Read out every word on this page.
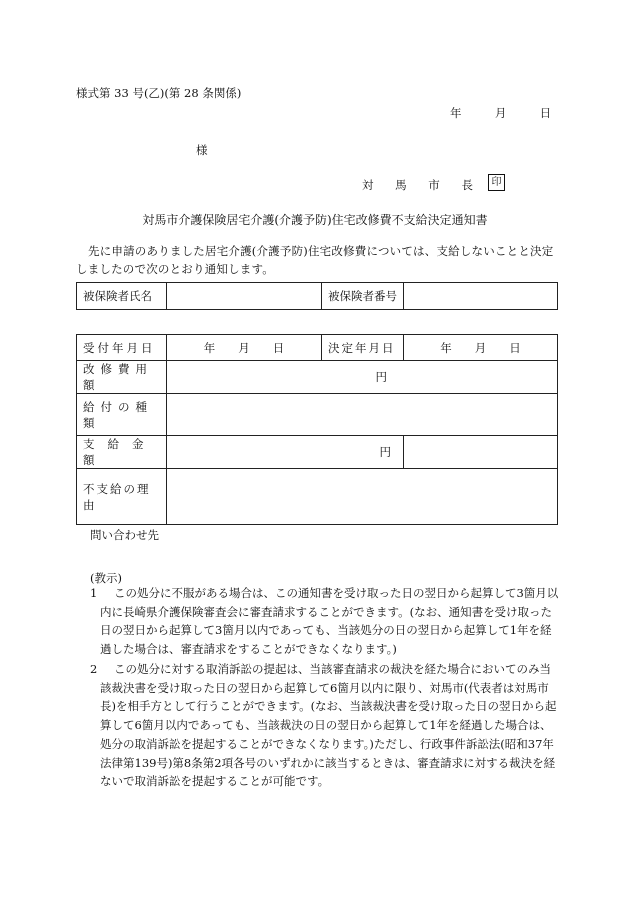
様式第 33 号(乙)(第 28 条関係)
年	月	日
様
対 馬 市 長 印
対馬市介護保険居宅介護(介護予防)住宅改修費不支給決定通知書
先に申請のありました居宅介護(介護予防)住宅改修費については、支給しないことと決定しましたので次のとおり通知します。
被保険者氏名		被保険者番号	
受付年月日	年　　月　　日	決定年月日	年　　月　　日
改修費用額	円		
給付の種類			
支給金額	円		
不支給の理由			
問い合わせ先
(教示)
1	この処分に不服がある場合は、この通知書を受け取った日の翌日から起算して3箇月以内に長崎県介護保険審査会に審査請求することができます。(なお、通知書を受け取った日の翌日から起算して3箇月以内であっても、当該処分の日の翌日から起算して1年を経過した場合は、審査請求をすることができなくなります。)
2	この処分に対する取消訴訟の提起は、当該審査請求の裁決を経た場合においてのみ当該裁決書を受け取った日の翌日から起算して6箇月以内に限り、対馬市(代表者は対馬市長)を相手方として行うことができます。(なお、当該裁決書を受け取った日の翌日から起算して6箇月以内であっても、当該裁決の日の翌日から起算して1年を経過した場合は、処分の取消訴訟を提起することができなくなります。)ただし、行政事件訴訟法(昭和37年法律第139号)第8条第2項各号のいずれかに該当するときは、審査請求に対する裁決を経ないで取消訴訟を提起することが可能です。
